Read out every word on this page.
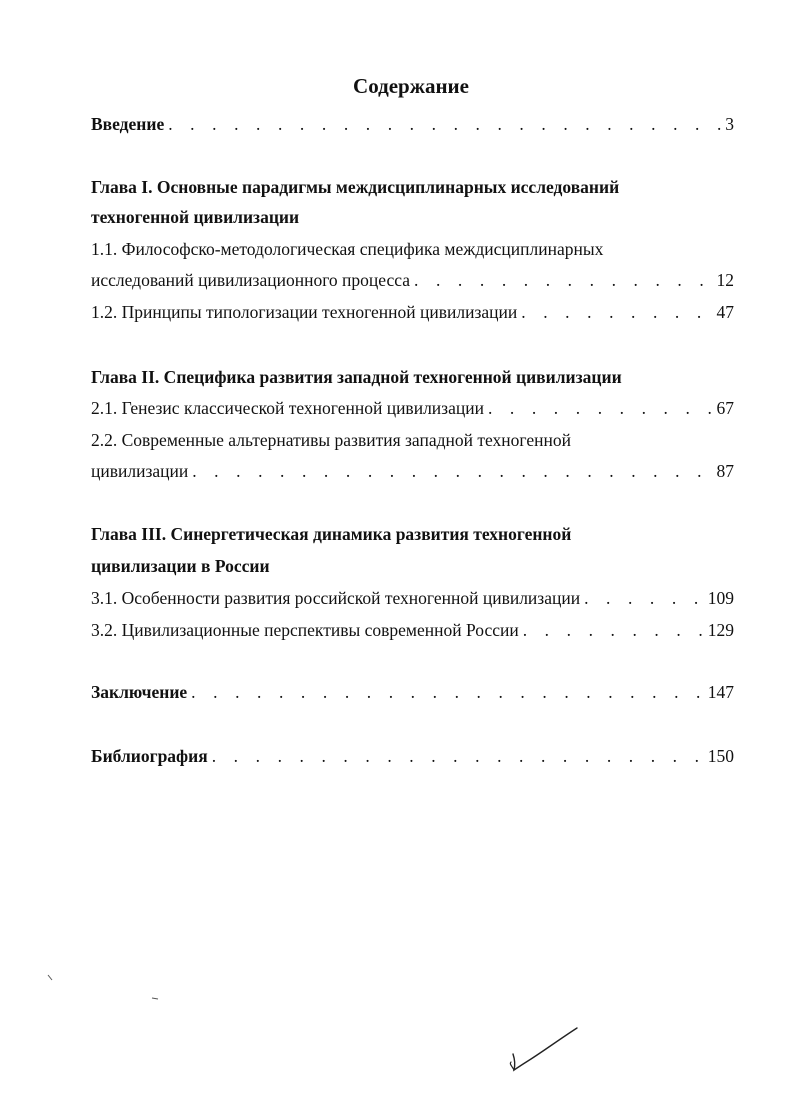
Содержание
Введение . . .	3
Глава I. Основные парадигмы междисциплинарных исследований
техногенной цивилизации
1.1. Философско-методологическая специфика междисциплинарных
исследований цивилизационного процесса . . .	12
1.2. Принципы типологизации техногенной цивилизации . . .	47
Глава II. Специфика развития западной техногенной цивилизации
2.1. Генезис классической техногенной цивилизации . . .	67
2.2. Современные альтернативы развития западной техногенной
цивилизации . . .	87
Глава III. Синергетическая динамика развития техногенной
цивилизации в России
3.1. Особенности развития российской техногенной цивилизации . . .	109
3.2. Цивилизационные перспективы современной России . . .	129
Заключение . . .	147
Библиография . . .	150
